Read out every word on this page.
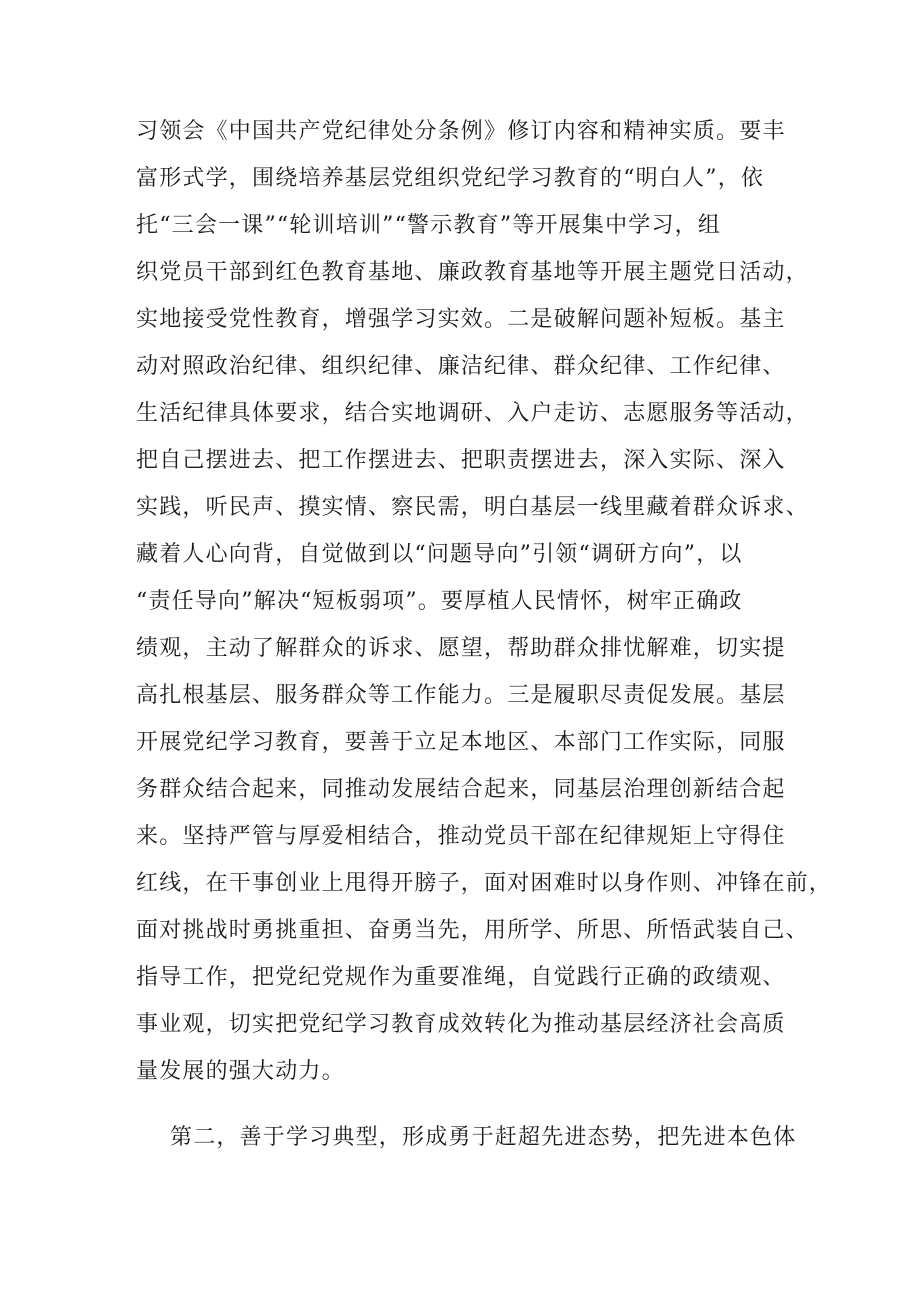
习领会《中国共产党纪律处分条例》修订内容和精神实质。要丰
富形式学，围绕培养基层党组织党纪学习教育的“明白人”，依
托“三会一课”“轮训培训”“警示教育”等开展集中学习，组
织党员干部到红色教育基地、廉政教育基地等开展主题党日活动，
实地接受党性教育，增强学习实效。二是破解问题补短板。基主
动对照政治纪律、组织纪律、廉洁纪律、群众纪律、工作纪律、
生活纪律具体要求，结合实地调研、入户走访、志愿服务等活动，
把自己摆进去、把工作摆进去、把职责摆进去，深入实际、深入
实践，听民声、摸实情、察民需，明白基层一线里藏着群众诉求、
藏着人心向背，自觉做到以“问题导向”引领“调研方向”，以
“责任导向”解决“短板弱项”。要厚植人民情怀，树牢正确政
绩观，主动了解群众的诉求、愿望，帮助群众排忧解难，切实提
高扎根基层、服务群众等工作能力。三是履职尽责促发展。基层
开展党纪学习教育，要善于立足本地区、本部门工作实际，同服
务群众结合起来，同推动发展结合起来，同基层治理创新结合起
来。坚持严管与厚爱相结合，推动党员干部在纪律规矩上守得住
红线，在干事创业上甩得开膀子，面对困难时以身作则、冲锋在前，
面对挑战时勇挑重担、奋勇当先，用所学、所思、所悟武装自己、
指导工作，把党纪党规作为重要准绳，自觉践行正确的政绩观、
事业观，切实把党纪学习教育成效转化为推动基层经济社会高质
量发展的强大动力。
第二，善于学习典型，形成勇于赶超先进态势，把先进本色体
